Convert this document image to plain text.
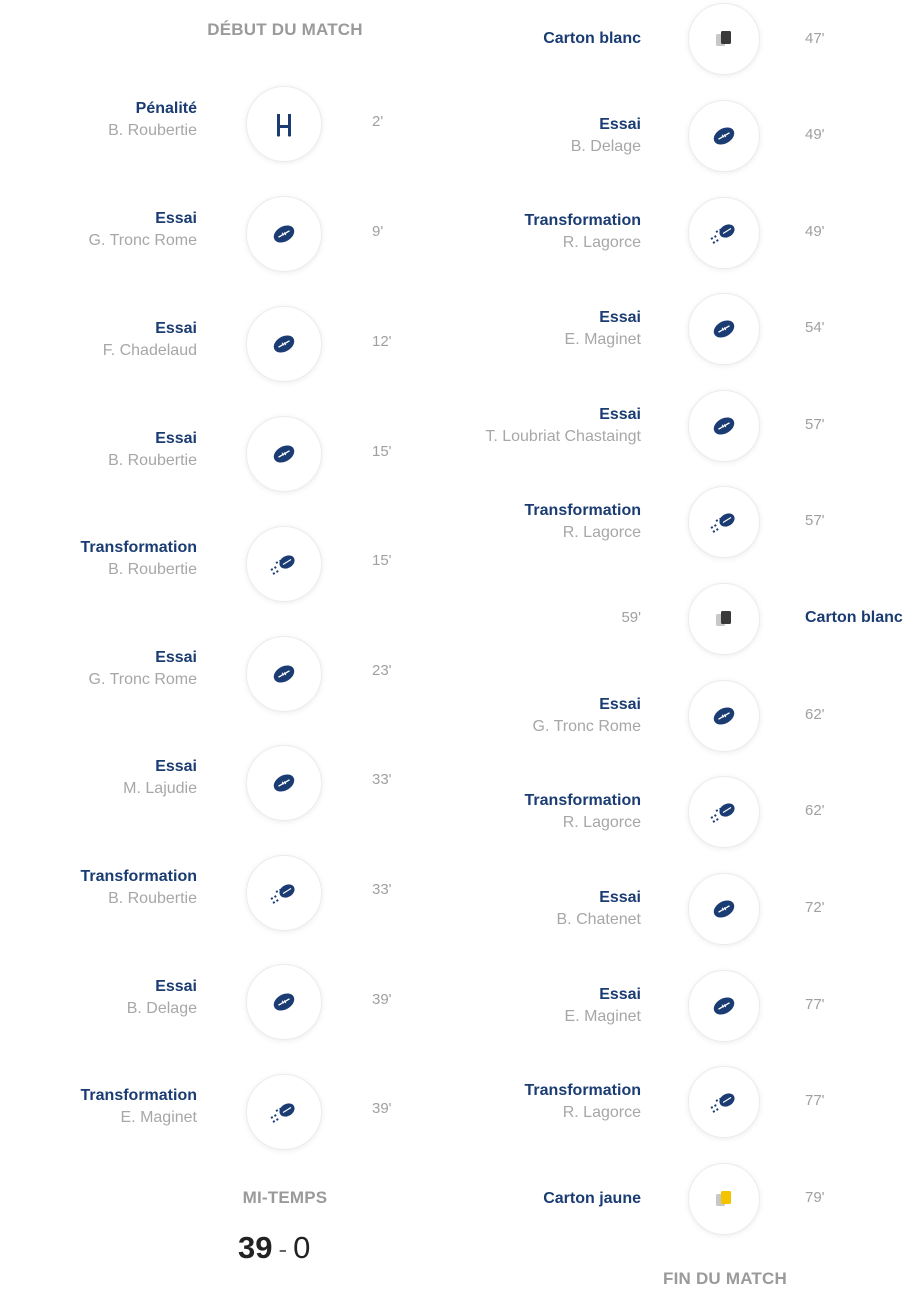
DÉBUT DU MATCH
MI-TEMPS
FIN DU MATCH
39 - 0
Pénalité
B. Roubertie
2'
Essai
G. Tronc Rome
9'
Essai
F. Chadelaud
12'
Essai
B. Roubertie
15'
Transformation
B. Roubertie
15'
Essai
G. Tronc Rome
23'
Essai
M. Lajudie
33'
Transformation
B. Roubertie
33'
Essai
B. Delage
39'
Transformation
E. Maginet
39'
Carton blanc	47'
Essai
B. Delage
49'
Transformation
R. Lagorce
49'
Essai
E. Maginet
54'
Essai
T. Loubriat Chastaingt
57'
Transformation
R. Lagorce
57'
59'	Carton blanc
Essai
G. Tronc Rome
62'
Transformation
R. Lagorce
62'
Essai
B. Chatenet
72'
Essai
E. Maginet
77'
Transformation
R. Lagorce
77'
Carton jaune	79'
